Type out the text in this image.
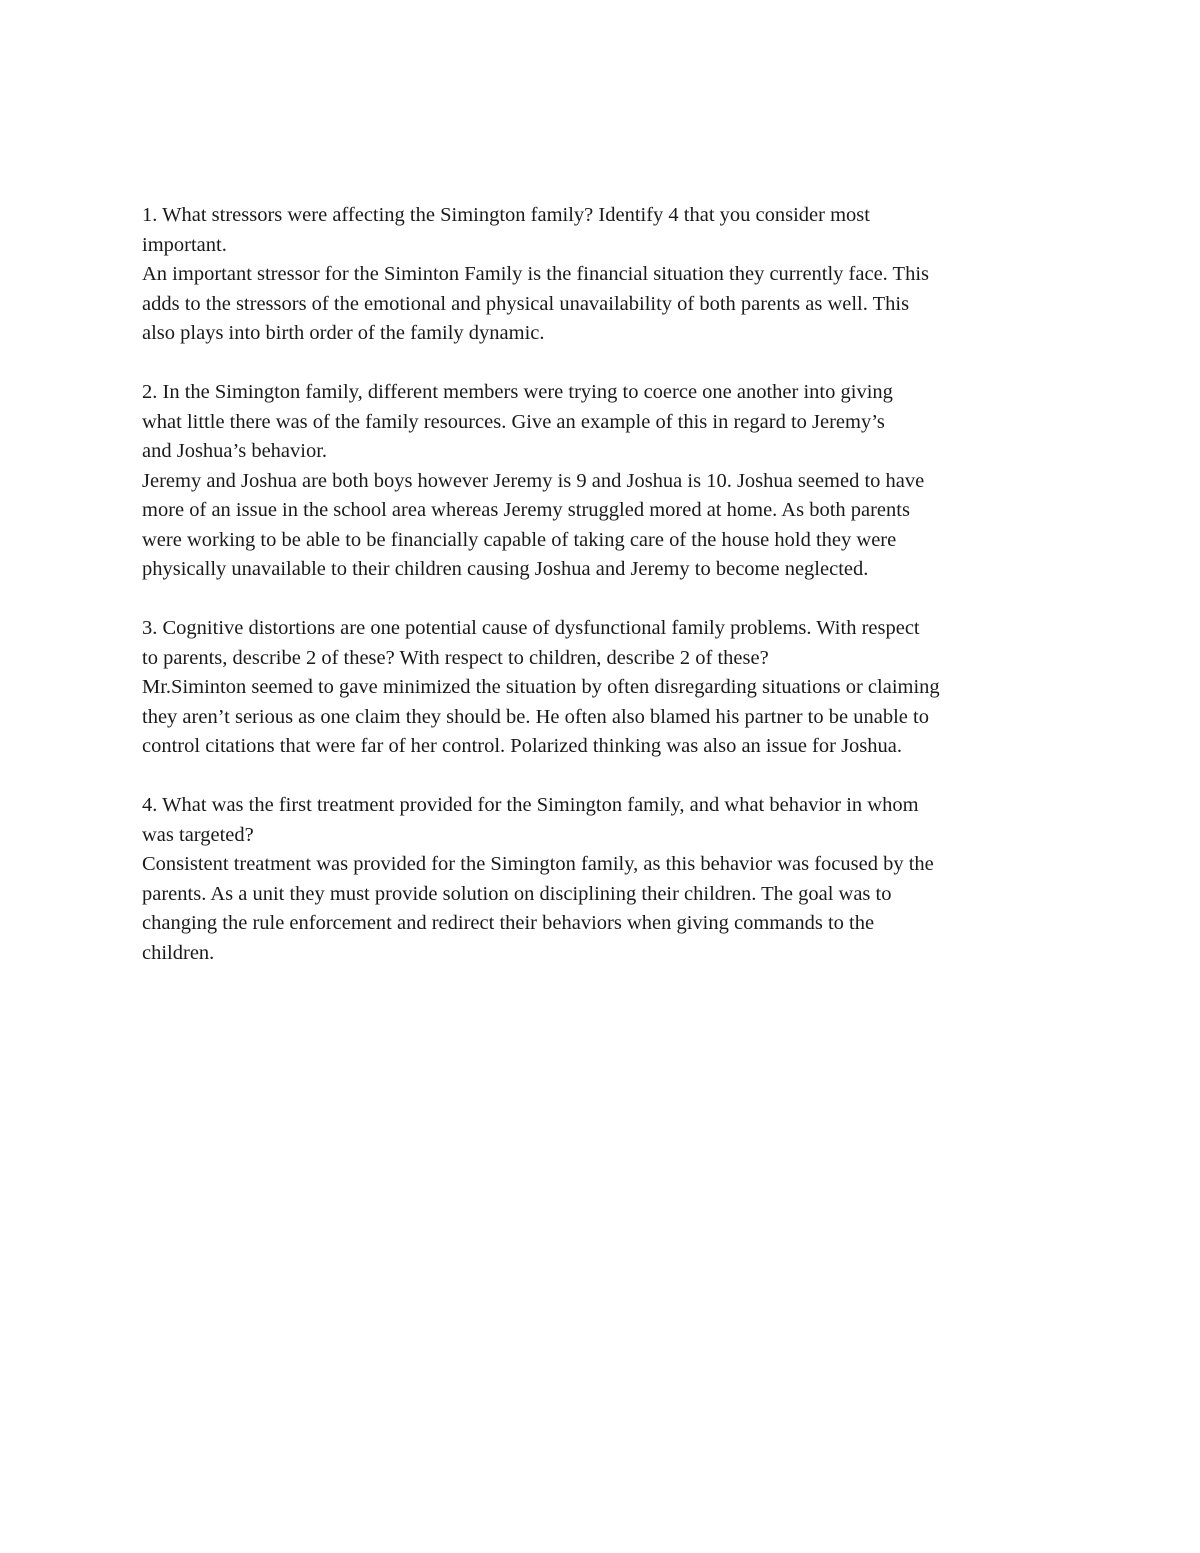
1. What stressors were affecting the Simington family? Identify 4 that you consider most
important.
An important stressor for the Siminton Family is the financial situation they currently face. This
adds to the stressors of the emotional and physical unavailability of both parents as well. This
also plays into birth order of the family dynamic.
2. In the Simington family, different members were trying to coerce one another into giving
what little there was of the family resources. Give an example of this in regard to Jeremy’s
and Joshua’s behavior.
Jeremy and Joshua are both boys however Jeremy is 9 and Joshua is 10. Joshua seemed to have
more of an issue in the school area whereas Jeremy struggled mored at home. As both parents
were working to be able to be financially capable of taking care of the house hold they were
physically unavailable to their children causing Joshua and Jeremy to become neglected.
3. Cognitive distortions are one potential cause of dysfunctional family problems. With respect
to parents, describe 2 of these? With respect to children, describe 2 of these?
Mr.Siminton seemed to gave minimized the situation by often disregarding situations or claiming
they aren’t serious as one claim they should be. He often also blamed his partner to be unable to
control citations that were far of her control. Polarized thinking was also an issue for Joshua.
4. What was the first treatment provided for the Simington family, and what behavior in whom
was targeted?
Consistent treatment was provided for the Simington family, as this behavior was focused by the
parents. As a unit they must provide solution on disciplining their children. The goal was to
changing the rule enforcement and redirect their behaviors when giving commands to the
children.
